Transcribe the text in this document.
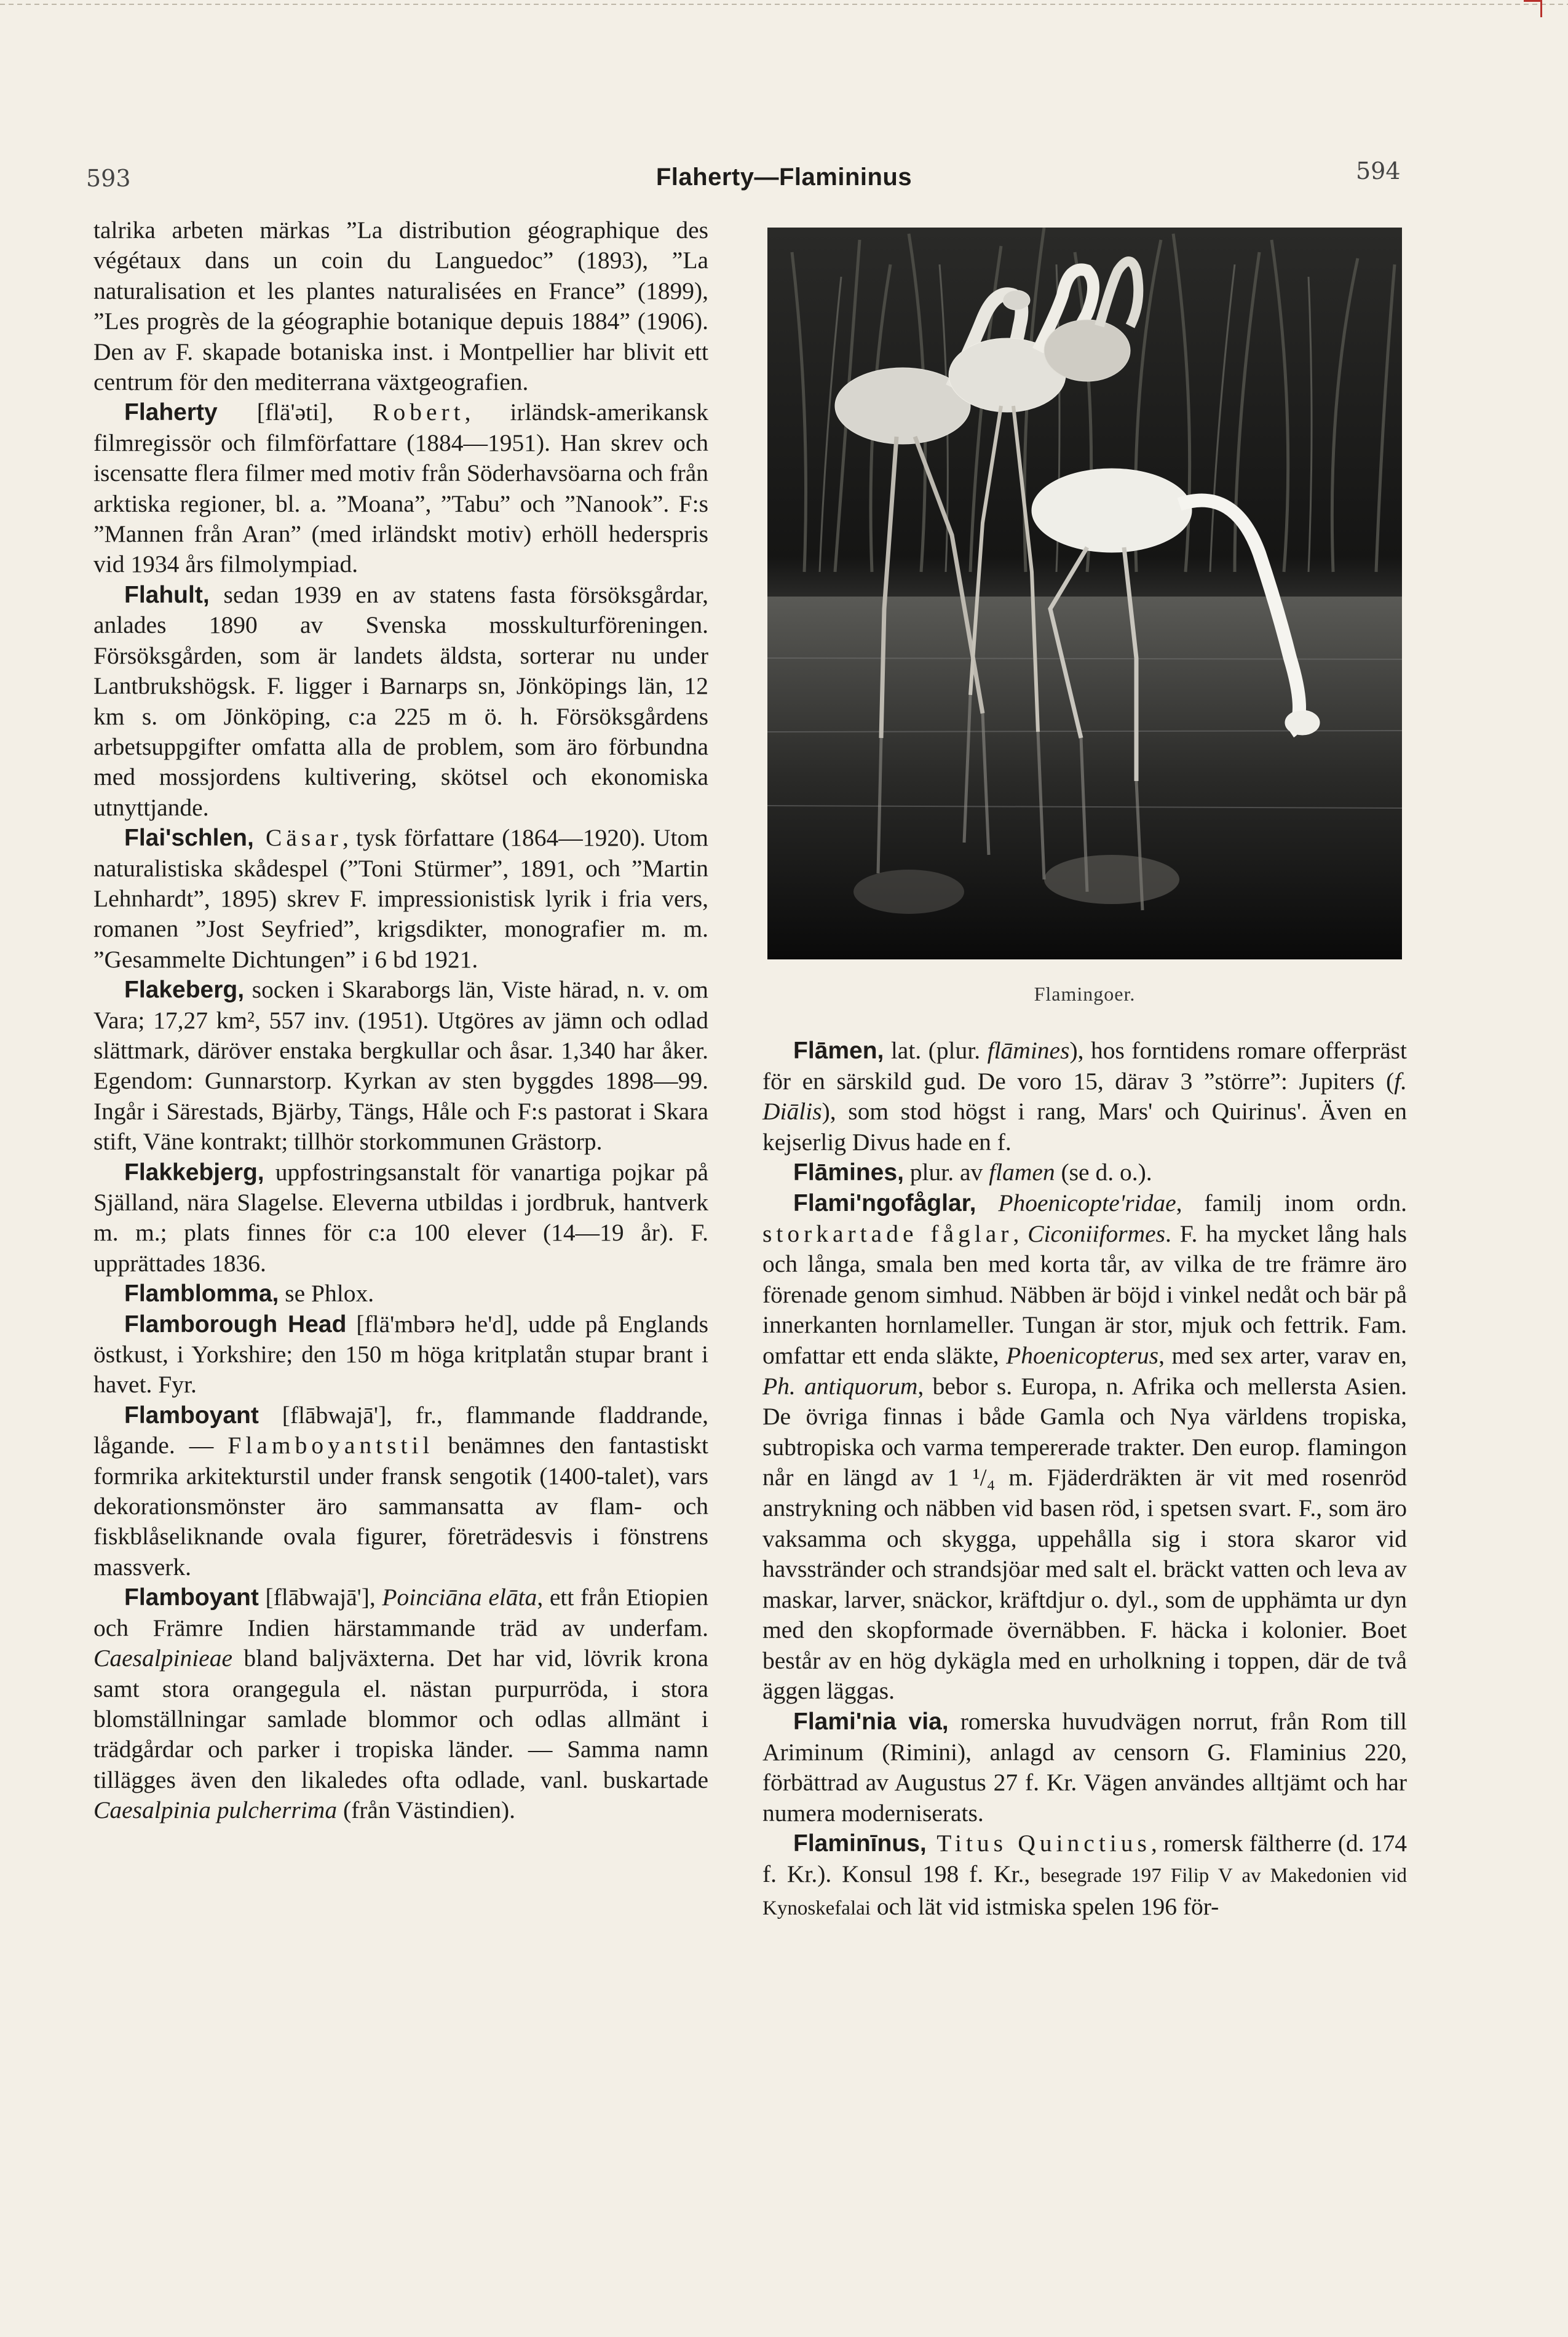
593	Flaherty—Flamininus	594

talrika arbeten märkas ”La distribution géographique des végétaux dans un coin du Languedoc” (1893), ”La naturalisation et les plantes naturalisées en France” (1899), ”Les progrès de la géographie botanique depuis 1884” (1906). Den av F. skapade botaniska inst. i Montpellier har blivit ett centrum för den mediterrana växtgeografien.

Flaherty [flä'əti], Robert, irländsk-amerikansk filmregissör och filmförfattare (1884—1951). Han skrev och iscensatte flera filmer med motiv från Söderhavsöarna och från arktiska regioner, bl. a. ”Moana”, ”Tabu” och ”Nanook”. F:s ”Mannen från Aran” (med irländskt motiv) erhöll hederspris vid 1934 års filmolympiad.

Flahult, sedan 1939 en av statens fasta försöksgårdar, anlades 1890 av Svenska mosskulturföreningen. Försöksgården, som är landets äldsta, sorterar nu under Lantbrukshögsk. F. ligger i Barnarps sn, Jönköpings län, 12 km s. om Jönköping, c:a 225 m ö. h. Försöksgårdens arbetsuppgifter omfatta alla de problem, som äro förbundna med mossjordens kultivering, skötsel och ekonomiska utnyttjande.

Flai'schlen, Cäsar, tysk författare (1864—1920). Utom naturalistiska skådespel (”Toni Stürmer”, 1891, och ”Martin Lehnhardt”, 1895) skrev F. impressionistisk lyrik i fria vers, romanen ”Jost Seyfried”, krigsdikter, monografier m. m. ”Gesammelte Dichtungen” i 6 bd 1921.

Flakeberg, socken i Skaraborgs län, Viste härad, n. v. om Vara; 17,27 km², 557 inv. (1951). Utgöres av jämn och odlad slättmark, däröver enstaka bergkullar och åsar. 1,340 har åker. Egendom: Gunnarstorp. Kyrkan av sten byggdes 1898—99. Ingår i Särestads, Bjärby, Tängs, Håle och F:s pastorat i Skara stift, Väne kontrakt; tillhör storkommunen Grästorp.

Flakkebjerg, uppfostringsanstalt för vanartiga pojkar på Själland, nära Slagelse. Eleverna utbildas i jordbruk, hantverk m. m.; plats finnes för c:a 100 elever (14—19 år). F. upprättades 1836.

Flamblomma, se Phlox.

Flamborough Head [flä'mbərə he'd], udde på Englands östkust, i Yorkshire; den 150 m höga kritplatån stupar brant i havet. Fyr.

Flamboyant [flābwajā'], fr., flammande fladdrande, lågande. — Flamboyantstil benämnes den fantastiskt formrika arkitekturstil under fransk sengotik (1400-talet), vars dekorationsmönster äro sammansatta av flam- och fiskblåseliknande ovala figurer, företrädesvis i fönstrens massverk.

Flamboyant [flābwajā'], Poinciāna elāta, ett från Etiopien och Främre Indien härstammande träd av underfam. Caesalpinieae bland baljväxterna. Det har vid, lövrik krona samt stora orangegula el. nästan purpurröda, i stora blomställningar samlade blommor och odlas allmänt i trädgårdar och parker i tropiska länder. — Samma namn tillägges även den likaledes ofta odlade, vanl. buskartade Caesalpinia pulcherrima (från Västindien).

Flamingoer.

Flāmen, lat. (plur. flāmines), hos forntidens romare offerpräst för en särskild gud. De voro 15, därav 3 ”större”: Jupiters (f. Diālis), som stod högst i rang, Mars' och Quirinus'. Även en kejserlig Divus hade en f.

Flāmines, plur. av flamen (se d. o.).

Flami'ngofåglar, Phoenicopte'ridae, familj inom ordn. storkartade fåglar, Ciconiiformes. F. ha mycket lång hals och långa, smala ben med korta tår, av vilka de tre främre äro förenade genom simhud. Näbben är böjd i vinkel nedåt och bär på innerkanten hornlameller. Tungan är stor, mjuk och fettrik. Fam. omfattar ett enda släkte, Phoenicopterus, med sex arter, varav en, Ph. antiquorum, bebor s. Europa, n. Afrika och mellersta Asien. De övriga finnas i både Gamla och Nya världens tropiska, subtropiska och varma tempererade trakter. Den europ. flamingon når en längd av 1 ¹/₄ m. Fjäderdräkten är vit med rosenröd anstrykning och näbben vid basen röd, i spetsen svart. F., som äro vaksamma och skygga, uppehålla sig i stora skaror vid havsstränder och strandsjöar med salt el. bräckt vatten och leva av maskar, larver, snäckor, kräftdjur o. dyl., som de upphämta ur dyn med den skopformade övernäbben. F. häcka i kolonier. Boet består av en hög dykägla med en urholkning i toppen, där de två äggen läggas.

Flami'nia via, romerska huvudvägen norrut, från Rom till Ariminum (Rimini), anlagd av censorn G. Flaminius 220, förbättrad av Augustus 27 f. Kr. Vägen användes alltjämt och har numera moderniserats.

Flaminīnus, Titus Quinctius, romersk fältherre (d. 174 f. Kr.). Konsul 198 f. Kr., besegrade 197 Filip V av Makedonien vid Kynoskefalai och lät vid istmiska spelen 196 för-
